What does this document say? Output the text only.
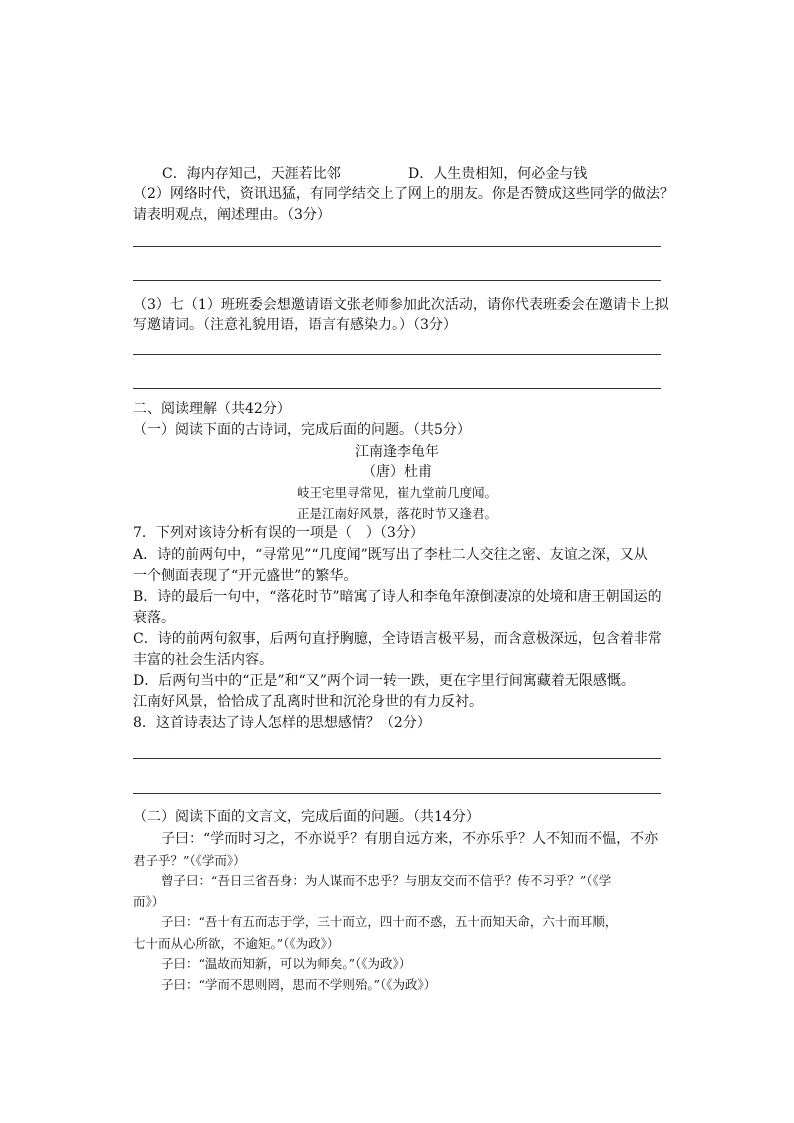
C．海内存知己，天涯若比邻	D．人生贵相知，何必金与钱
（2）网络时代，资讯迅猛，有同学结交上了网上的朋友。你是否赞成这些同学的做法？
请表明观点，阐述理由。（3分）
（3）七（1）班班委会想邀请语文张老师参加此次活动，请你代表班委会在邀请卡上拟
写邀请词。（注意礼貌用语，语言有感染力。）（3分）
二、阅读理解（共42分）
（一）阅读下面的古诗词，完成后面的问题。（共5分）
江南逢李龟年
（唐）杜甫
岐王宅里寻常见，崔九堂前几度闻。
正是江南好风景，落花时节又逢君。
7．下列对该诗分析有误的一项是（　）（3分）
A．诗的前两句中，“寻常见”“几度闻”既写出了李杜二人交往之密、友谊之深，又从
一个侧面表现了“开元盛世”的繁华。
B．诗的最后一句中，“落花时节”暗寓了诗人和李龟年潦倒凄凉的处境和唐王朝国运的
衰落。
C．诗的前两句叙事，后两句直抒胸臆，全诗语言极平易，而含意极深远，包含着非常
丰富的社会生活内容。
D．后两句当中的“正是”和“又”两个词一转一跌，更在字里行间寓藏着无限感慨。
江南好风景，恰恰成了乱离时世和沉沦身世的有力反衬。
8．这首诗表达了诗人怎样的思想感情？（2分）
（二）阅读下面的文言文，完成后面的问题。（共14分）
子曰：“学而时习之，不亦说乎？有朋自远方来，不亦乐乎？人不知而不愠，不亦
君子乎？”（《学而》）
曾子曰：“吾日三省吾身：为人谋而不忠乎？与朋友交而不信乎？传不习乎？”（《学
而》）
子曰：“吾十有五而志于学，三十而立，四十而不惑，五十而知天命，六十而耳顺，
七十而从心所欲，不逾矩。”（《为政》）
子曰：“温故而知新，可以为师矣。”（《为政》）
子曰：“学而不思则罔，思而不学则殆。”（《为政》）
